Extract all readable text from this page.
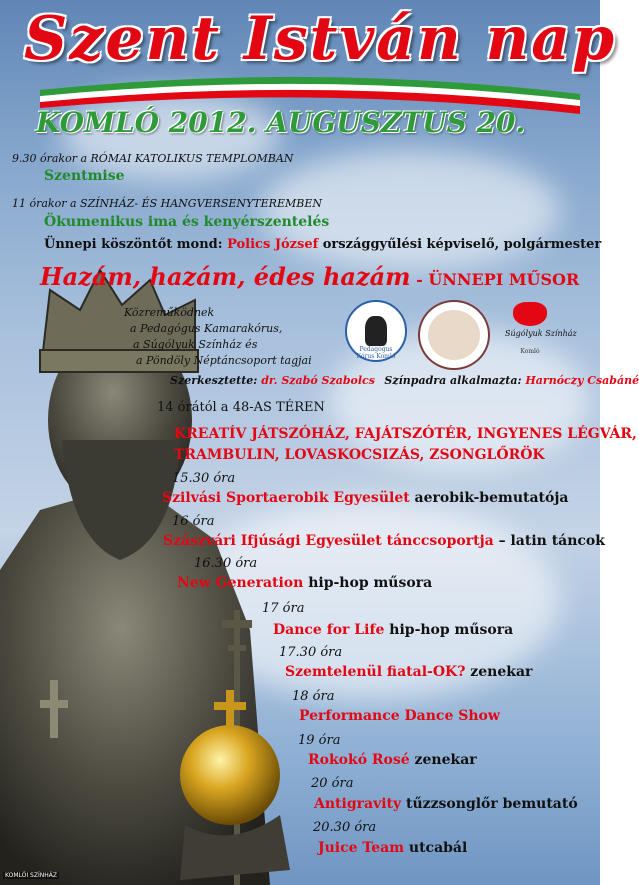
Szent István nap
KOMLÓ 2012. AUGUSZTUS 20.
9.30 órakor a RÓMAI KATOLIKUS TEMPLOMBAN
Szentmise
11 órakor a SZÍNHÁZ- ÉS HANGVERSENYTEREMBEN
Ökumenikus ima és kenyérszentelés
Ünnepi köszöntőt mond: Polics József országgyűlési képviselő, polgármester
Hazám, hazám, édes hazám - ÜNNEPI MŰSOR
Közreműködnek
a Pedagógus Kamarakórus,
a Súgólyuk Színház és
a Pöndöly Néptáncsoport tagjai
Szerkesztette: dr. Szabó Szabolcs Színpadra alkalmazta: Harnóczy Csabáné
Pedagógus Kórus Komló
Súgólyuk Színház
Komló
14 órától a 48-AS TÉREN
KREATÍV JÁTSZÓHÁZ, FAJÁTSZÓTÉR, INGYENES LÉGVÁR,
TRAMBULIN, LOVASKOCSIZÁS, ZSONGLŐRÖK
15.30 óra
Szilvási Sportaerobik Egyesület aerobik-bemutatója
16 óra
Szászvári Ifjúsági Egyesület tánccsoportja – latin táncok
16.30 óra
New Generation hip-hop műsora
17 óra
Dance for Life hip-hop műsora
17.30 óra
Szemtelenül fiatal-OK? zenekar
18 óra
Performance Dance Show
19 óra
Rokokó Rosé zenekar
20 óra
Antigravity tűzzsonglőr bemutató
20.30 óra
Juice Team utcabál
KOMLÓI SZÍNHÁZ
